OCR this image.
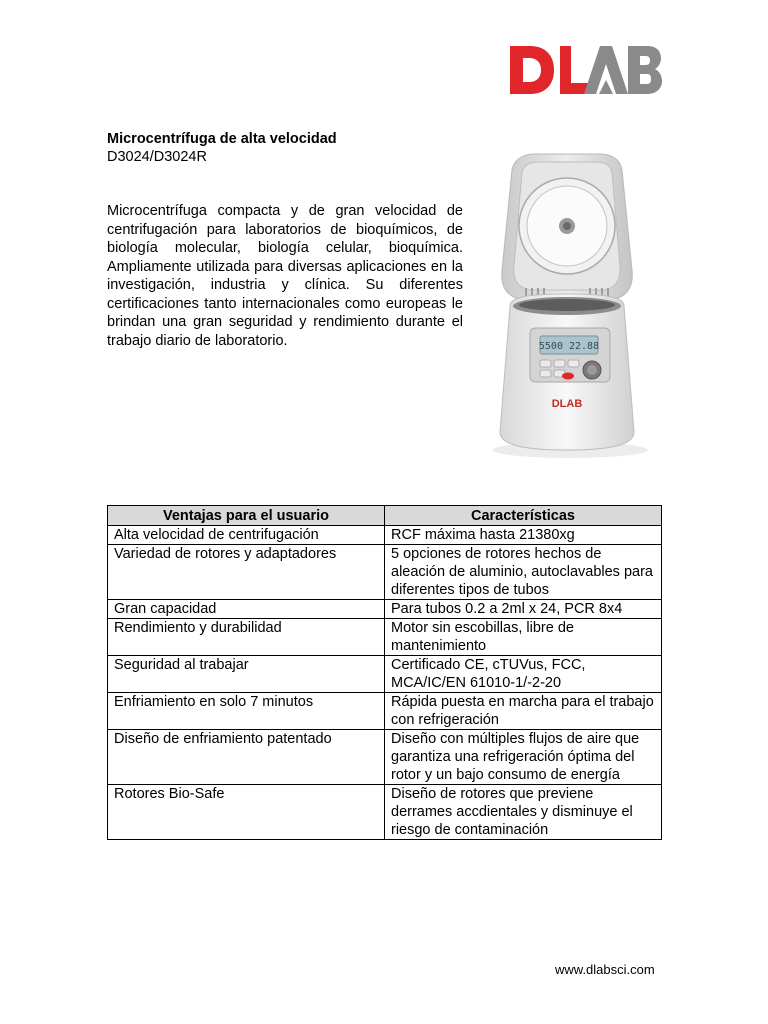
Microcentrífuga de alta velocidad
D3024/D3024R

Microcentrífuga compacta y de gran velocidad de centrifugación para laboratorios de bioquímicos, de biología molecular, biología celular, bioquímica. Ampliamente utilizada para diversas aplicaciones en la investigación, industria y clínica. Su diferentes certificaciones tanto internacionales como europeas le brindan una gran seguridad y rendimiento durante el trabajo diario de laboratorio.	5500 22.88
DLAB
Ventajas para el usuario	Características
Alta velocidad de centrifugación	RCF máxima hasta 21380xg
Variedad de rotores y adaptadores	5 opciones de rotores hechos de aleación de aluminio, autoclavables para diferentes tipos de tubos
Gran capacidad	Para tubos 0.2 a 2ml x 24, PCR 8x4
Rendimiento y durabilidad	Motor sin escobillas, libre de mantenimiento
Seguridad al trabajar	Certificado CE, cTUVus, FCC, MCA/IC/EN 61010-1/-2-20
Enfriamiento en solo 7 minutos	Rápida puesta en marcha para el trabajo con refrigeración
Diseño de enfriamiento patentado	Diseño con múltiples flujos de aire que garantiza una refrigeración óptima del rotor y un bajo consumo de energía
Rotores Bio-Safe	Diseño de rotores que previene derrames accdientales y disminuye el riesgo de contaminación
www.dlabsci.com
